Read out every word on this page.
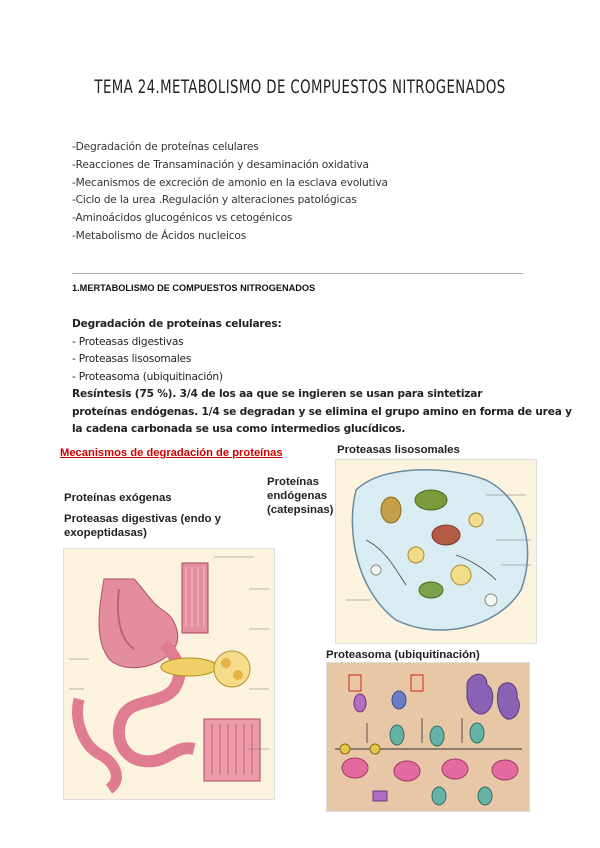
TEMA 24.METABOLISMO DE COMPUESTOS NITROGENADOS
-Degradación de proteínas celulares
-Reacciones de Transaminación y desaminación oxidativa
-Mecanismos de excreción de amonio en la esclava evolutiva
-Ciclo de la urea .Regulación y alteraciones patológicas
-Aminoácidos glucogénicos vs cetogénicos
-Metabolismo de Ácidos nucleicos
1.MERTABOLISMO DE COMPUESTOS NITROGENADOS
Degradación de proteínas celulares:
- Proteasas digestivas
- Proteasas lisosomales
- Proteasoma (ubiquitinación)
Resíntesis (75 %). 3/4 de los aa que se ingieren se usan para sintetizar
proteínas endógenas. 1/4 se degradan y se elimina el grupo amino en forma de urea y
la cadena carbonada se usa como intermedios glucídicos.
Mecanismos de degradación de proteínas	Proteasas lisosomales
Proteínas
endógenas
(catepsinas)
Proteínas exógenas
Proteasas digestivas (endo y
exopeptidasas)
Proteasoma (ubiquitinación)
